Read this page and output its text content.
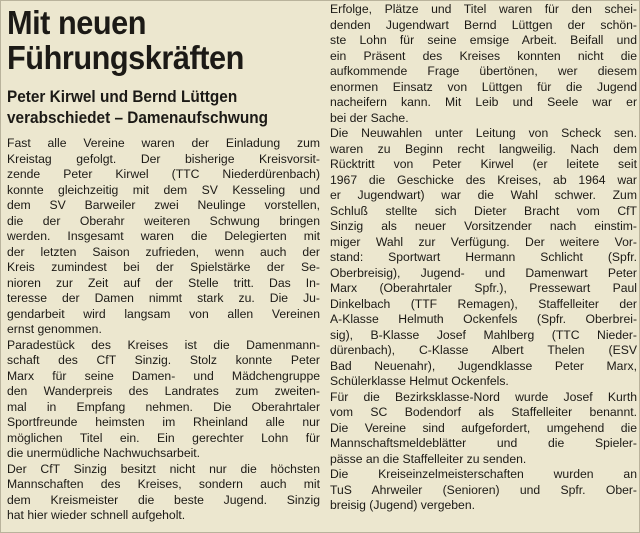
Mit neuen
Führungskräften
Peter Kirwel und Bernd Lüttgen
verabschiedet – Damenaufschwung

Fast alle Vereine waren der Einladung zum
Kreistag gefolgt. Der bisherige Kreisvorsit-
zende Peter Kirwel (TTC Niederdürenbach)
konnte gleichzeitig mit dem SV Kesseling und
dem SV Barweiler zwei Neulinge vorstellen,
die der Oberahr weiteren Schwung bringen
werden. Insgesamt waren die Delegierten mit
der letzten Saison zufrieden, wenn auch der
Kreis zumindest bei der Spielstärke der Se-
nioren zur Zeit auf der Stelle tritt. Das In-
teresse der Damen nimmt stark zu. Die Ju-
gendarbeit wird langsam von allen Vereinen
ernst genommen.

Paradestück des Kreises ist die Damenmann-
schaft des CfT Sinzig. Stolz konnte Peter
Marx für seine Damen- und Mädchengruppe
den Wanderpreis des Landrates zum zweiten-
mal in Empfang nehmen. Die Oberahrtaler
Sportfreunde heimsten im Rheinland alle nur
möglichen Titel ein. Ein gerechter Lohn für
die unermüdliche Nachwuchsarbeit.

Der CfT Sinzig besitzt nicht nur die höchsten
Mannschaften des Kreises, sondern auch mit
dem Kreismeister die beste Jugend. Sinzig
hat hier wieder schnell aufgeholt.

Erfolge, Plätze und Titel waren für den schei-
denden Jugendwart Bernd Lüttgen der schön-
ste Lohn für seine emsige Arbeit. Beifall und
ein Präsent des Kreises konnten nicht die
aufkommende Frage übertönen, wer diesem
enormen Einsatz von Lüttgen für die Jugend
nacheifern kann. Mit Leib und Seele war er
bei der Sache.

Die Neuwahlen unter Leitung von Scheck sen.
waren zu Beginn recht langweilig. Nach dem
Rücktritt von Peter Kirwel (er leitete seit
1967 die Geschicke des Kreises, ab 1964 war
er Jugendwart) war die Wahl schwer. Zum
Schluß stellte sich Dieter Bracht vom CfT
Sinzig als neuer Vorsitzender nach einstim-
miger Wahl zur Verfügung. Der weitere Vor-
stand: Sportwart Hermann Schlicht (Spfr.
Oberbreisig), Jugend- und Damenwart Peter
Marx (Oberahrtaler Spfr.), Pressewart Paul
Dinkelbach (TTF Remagen), Staffelleiter der
A-Klasse Helmuth Ockenfels (Spfr. Oberbrei-
sig), B-Klasse Josef Mahlberg (TTC Nieder-
dürenbach), C-Klasse Albert Thelen (ESV
Bad Neuenahr), Jugendklasse Peter Marx,
Schülerklasse Helmut Ockenfels.

Für die Bezirksklasse-Nord wurde Josef Kurth
vom SC Bodendorf als Staffelleiter benannt.
Die Vereine sind aufgefordert, umgehend die
Mannschaftsmeldeblätter und die Spieler-
pässe an die Staffelleiter zu senden.

Die Kreiseinzelmeisterschaften wurden an
TuS Ahrweiler (Senioren) und Spfr. Ober-
breisig (Jugend) vergeben.
